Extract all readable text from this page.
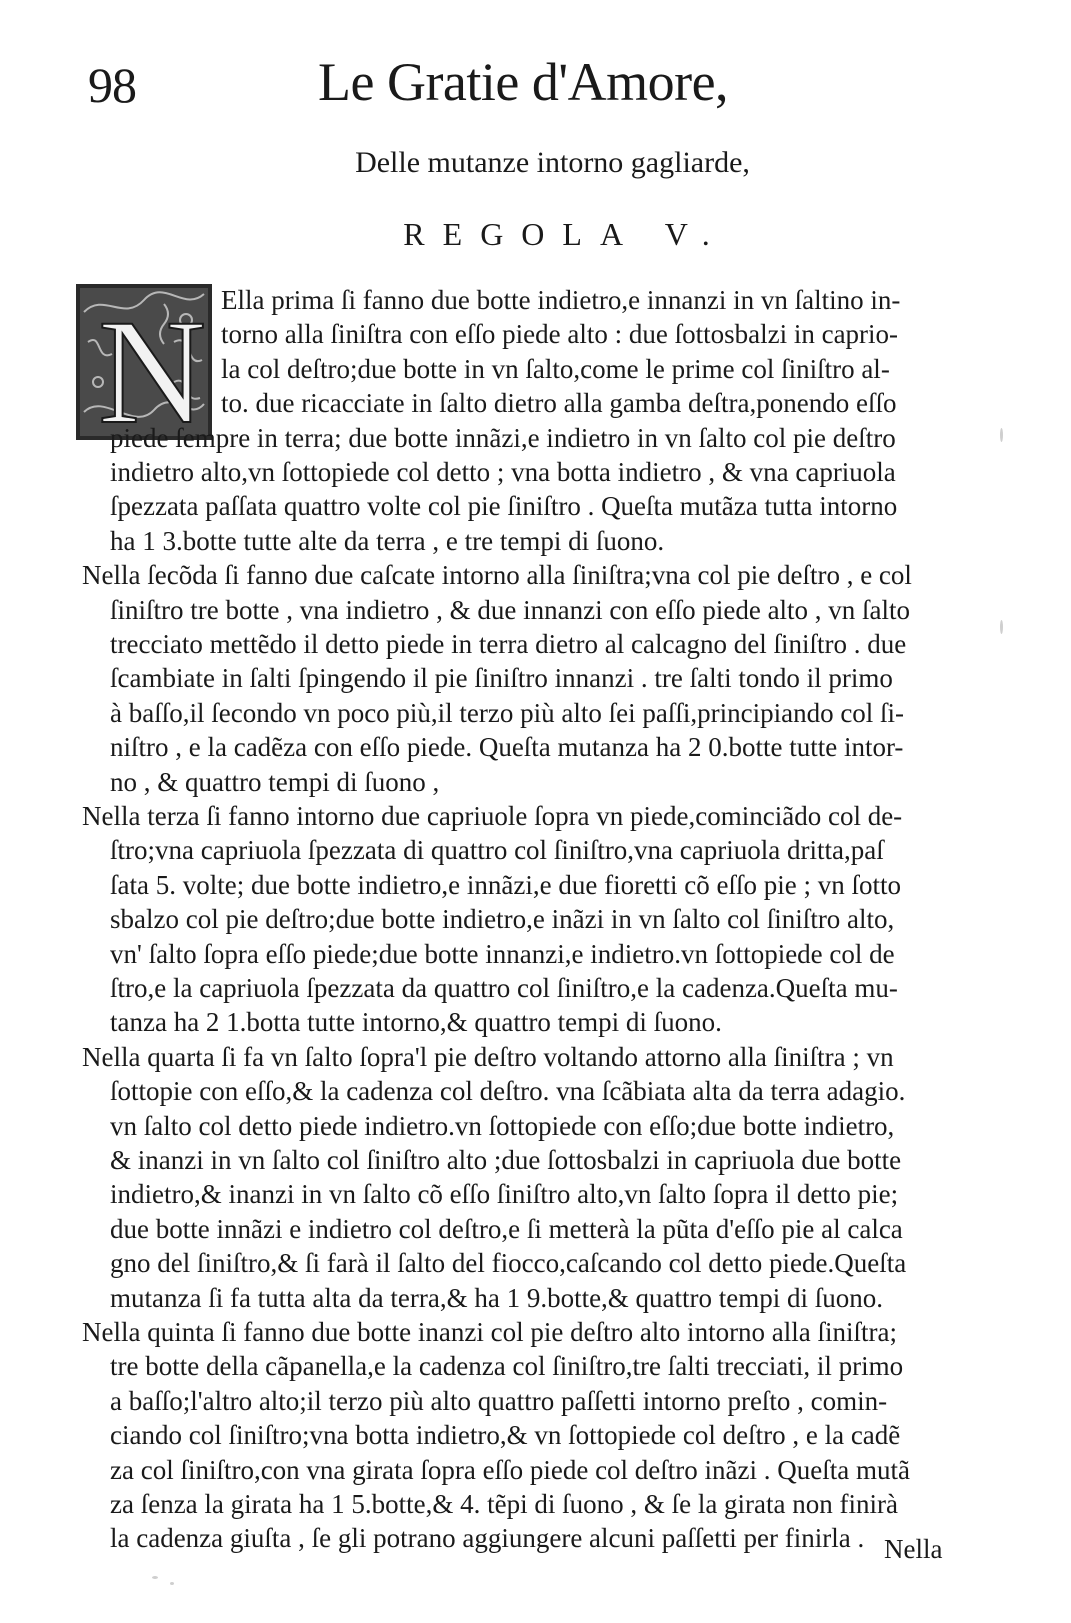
98	Le Gratie d'Amore,
Delle mutanze intorno gagliarde,
REGOLA V.
N Ella prima ſi fanno due botte indietro,e innanzi in vn ſaltino in-
torno alla ſiniſtra con eſſo piede alto : due ſottosbalzi in caprio-
la col deſtro;due botte in vn ſalto,come le prime col ſiniſtro al-
to. due ricacciate in ſalto dietro alla gamba deſtra,ponendo eſſo
piede ſempre in terra; due botte innãzi,e indietro in vn ſalto col pie deſtro
indietro alto,vn ſottopiede col detto ; vna botta indietro , & vna capriuola
ſpezzata paſſata quattro volte col pie ſiniſtro . Queſta mutãza tutta intorno
ha 1 3.botte tutte alte da terra , e tre tempi di ſuono.
Nella ſecõda ſi fanno due caſcate intorno alla ſiniſtra;vna col pie deſtro , e col
ſiniſtro tre botte , vna indietro , & due innanzi con eſſo piede alto , vn ſalto
trecciato mettẽdo il detto piede in terra dietro al calcagno del ſiniſtro . due
ſcambiate in ſalti ſpingendo il pie ſiniſtro innanzi . tre ſalti tondo il primo
à baſſo,il ſecondo vn poco più,il terzo più alto ſei paſſi,principiando col ſi-
niſtro , e la cadẽza con eſſo piede. Queſta mutanza ha 2 0.botte tutte intor-
no , & quattro tempi di ſuono ,
Nella terza ſi fanno intorno due capriuole ſopra vn piede,cominciãdo col de-
ſtro;vna capriuola ſpezzata di quattro col ſiniſtro,vna capriuola dritta,paſ
ſata 5. volte; due botte indietro,e innãzi,e due fioretti cõ eſſo pie ; vn ſotto
sbalzo col pie deſtro;due botte indietro,e inãzi in vn ſalto col ſiniſtro alto,
vn' ſalto ſopra eſſo piede;due botte innanzi,e indietro.vn ſottopiede col de
ſtro,e la capriuola ſpezzata da quattro col ſiniſtro,e la cadenza.Queſta mu-
tanza ha 2 1.botta tutte intorno,& quattro tempi di ſuono.
Nella quarta ſi fa vn ſalto ſopra'l pie deſtro voltando attorno alla ſiniſtra ; vn
ſottopie con eſſo,& la cadenza col deſtro. vna ſcãbiata alta da terra adagio.
vn ſalto col detto piede indietro.vn ſottopiede con eſſo;due botte indietro,
& inanzi in vn ſalto col ſiniſtro alto ;due ſottosbalzi in capriuola due botte
indietro,& inanzi in vn ſalto cõ eſſo ſiniſtro alto,vn ſalto ſopra il detto pie;
due botte innãzi e indietro col deſtro,e ſi metterà la pũta d'eſſo pie al calca
gno del ſiniſtro,& ſi farà il ſalto del fiocco,caſcando col detto piede.Queſta
mutanza ſi fa tutta alta da terra,& ha 1 9.botte,& quattro tempi di ſuono.
Nella quinta ſi fanno due botte inanzi col pie deſtro alto intorno alla ſiniſtra;
tre botte della cãpanella,e la cadenza col ſiniſtro,tre ſalti trecciati, il primo
a baſſo;l'altro alto;il terzo più alto quattro paſſetti intorno preſto , comin-
ciando col ſiniſtro;vna botta indietro,& vn ſottopiede col deſtro , e la cadẽ
za col ſiniſtro,con vna girata ſopra eſſo piede col deſtro inãzi . Queſta mutã
za ſenza la girata ha 1 5.botte,& 4. tẽpi di ſuono , & ſe la girata non finirà
la cadenza giuſta , ſe gli potrano aggiungere alcuni paſſetti per finirla . Nella
